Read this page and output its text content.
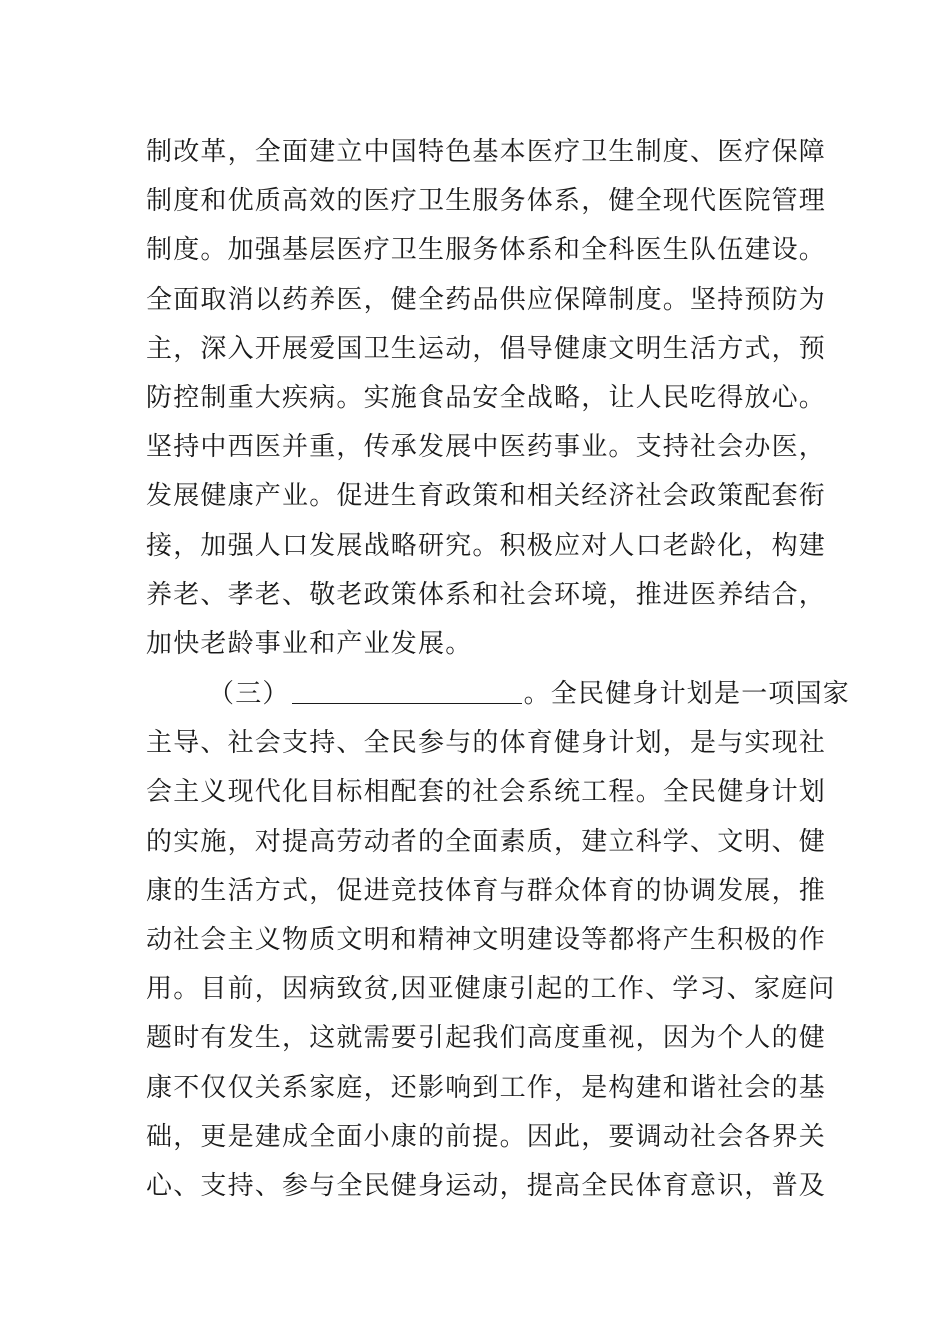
制改革，全面建立中国特色基本医疗卫生制度、医疗保障
制度和优质高效的医疗卫生服务体系，健全现代医院管理
制度。加强基层医疗卫生服务体系和全科医生队伍建设。
全面取消以药养医，健全药品供应保障制度。坚持预防为
主，深入开展爱国卫生运动，倡导健康文明生活方式，预
防控制重大疾病。实施食品安全战略，让人民吃得放心。
坚持中西医并重，传承发展中医药事业。支持社会办医，
发展健康产业。促进生育政策和相关经济社会政策配套衔
接，加强人口发展战略研究。积极应对人口老龄化，构建
养老、孝老、敬老政策体系和社会环境，推进医养结合，
加快老龄事业和产业发展。
（三）	。全民健身计划是一项国家
主导、社会支持、全民参与的体育健身计划，是与实现社
会主义现代化目标相配套的社会系统工程。全民健身计划
的实施，对提高劳动者的全面素质，建立科学、文明、健
康的生活方式，促进竞技体育与群众体育的协调发展，推
动社会主义物质文明和精神文明建设等都将产生积极的作
用。目前，因病致贫,因亚健康引起的工作、学习、家庭问
题时有发生，这就需要引起我们高度重视，因为个人的健
康不仅仅关系家庭，还影响到工作，是构建和谐社会的基
础，更是建成全面小康的前提。因此，要调动社会各界关
心、支持、参与全民健身运动，提高全民体育意识，普及
